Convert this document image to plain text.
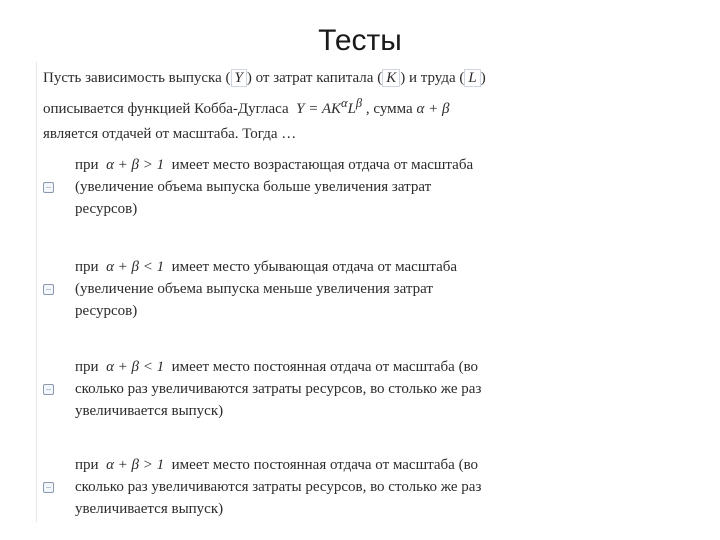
Тесты
Пусть зависимость выпуска ( Y ) от затрат капитала ( K ) и труда ( L )
описывается функцией Кобба-Дугласа $Y = AK^\alpha L^\beta$ , сумма α + β
является отдачей от масштаба. Тогда …
при α + β > 1 имеет место возрастающая отдача от масштаба
(увеличение объема выпуска больше увеличения затрат
ресурсов)
при α + β < 1 имеет место убывающая отдача от масштаба
(увеличение объема выпуска меньше увеличения затрат
ресурсов)
при α + β < 1 имеет место постоянная отдача от масштаба (во
сколько раз увеличиваются затраты ресурсов, во столько же раз
увеличивается выпуск)
при α + β > 1 имеет место постоянная отдача от масштаба (во
сколько раз увеличиваются затраты ресурсов, во столько же раз
увеличивается выпуск)
